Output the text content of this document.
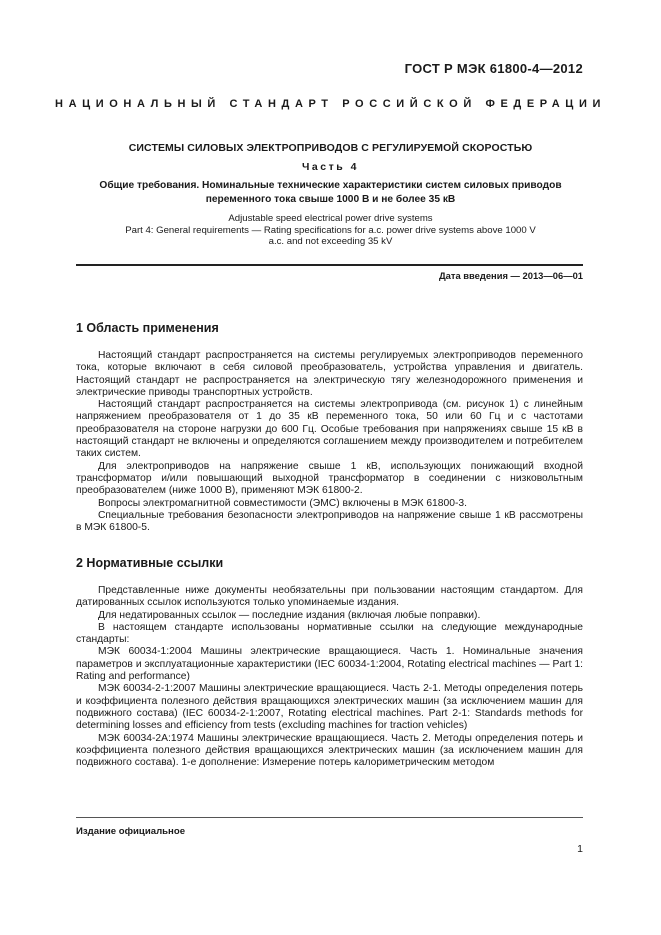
ГОСТ Р МЭК 61800-4—2012
НАЦИОНАЛЬНЫЙ СТАНДАРТ РОССИЙСКОЙ ФЕДЕРАЦИИ
СИСТЕМЫ СИЛОВЫХ ЭЛЕКТРОПРИВОДОВ С РЕГУЛИРУЕМОЙ СКОРОСТЬЮ
Часть 4
Общие требования. Номинальные технические характеристики систем силовых приводов
переменного тока свыше 1000 В и не более 35 кВ
Adjustable speed electrical power drive systems
Part 4: General requirements — Rating specifications for a.c. power drive systems above 1000 V
a.c. and not exceeding 35 kV
Дата введения — 2013—06—01
1 Область применения

Настоящий стандарт распространяется на системы регулируемых электроприводов переменного тока, которые включают в себя силовой преобразователь, устройства управления и двигатель. Настоящий стандарт не распространяется на электрическую тягу железнодорожного применения и электрические приводы транспортных устройств.

Настоящий стандарт распространяется на системы электропривода (см. рисунок 1) с линейным напряжением преобразователя от 1 до 35 кВ переменного тока, 50 или 60 Гц и с частотами преобразователя на стороне нагрузки до 600 Гц. Особые требования при напряжениях свыше 15 кВ в настоящий стандарт не включены и определяются соглашением между производителем и потребителем таких систем.

Для электроприводов на напряжение свыше 1 кВ, использующих понижающий входной трансформатор и/или повышающий выходной трансформатор в соединении с низковольтным преобразователем (ниже 1000 В), применяют МЭК 61800-2.

Вопросы электромагнитной совместимости (ЭМС) включены в МЭК 61800-3.

Специальные требования безопасности электроприводов на напряжение свыше 1 кВ рассмотрены в МЭК 61800-5.

2 Нормативные ссылки

Представленные ниже документы необязательны при пользовании настоящим стандартом. Для датированных ссылок используются только упоминаемые издания.

Для недатированных ссылок — последние издания (включая любые поправки).

В настоящем стандарте использованы нормативные ссылки на следующие международные стандарты:

МЭК 60034-1:2004 Машины электрические вращающиеся. Часть 1. Номинальные значения параметров и эксплуатационные характеристики (IEC 60034-1:2004, Rotating electrical machines — Part 1: Rating and performance)

МЭК 60034-2-1:2007 Машины электрические вращающиеся. Часть 2-1. Методы определения потерь и коэффициента полезного действия вращающихся электрических машин (за исключением машин для подвижного состава) (IEC 60034-2-1:2007, Rotating electrical machines. Part 2-1: Standards methods for determining losses and efficiency from tests (excluding machines for traction vehicles)

МЭК 60034-2A:1974 Машины электрические вращающиеся. Часть 2. Методы определения потерь и коэффициента полезного действия вращающихся электрических машин (за исключением машин для подвижного состава). 1-е дополнение: Измерение потерь калориметрическим методом

Издание официальное
1
